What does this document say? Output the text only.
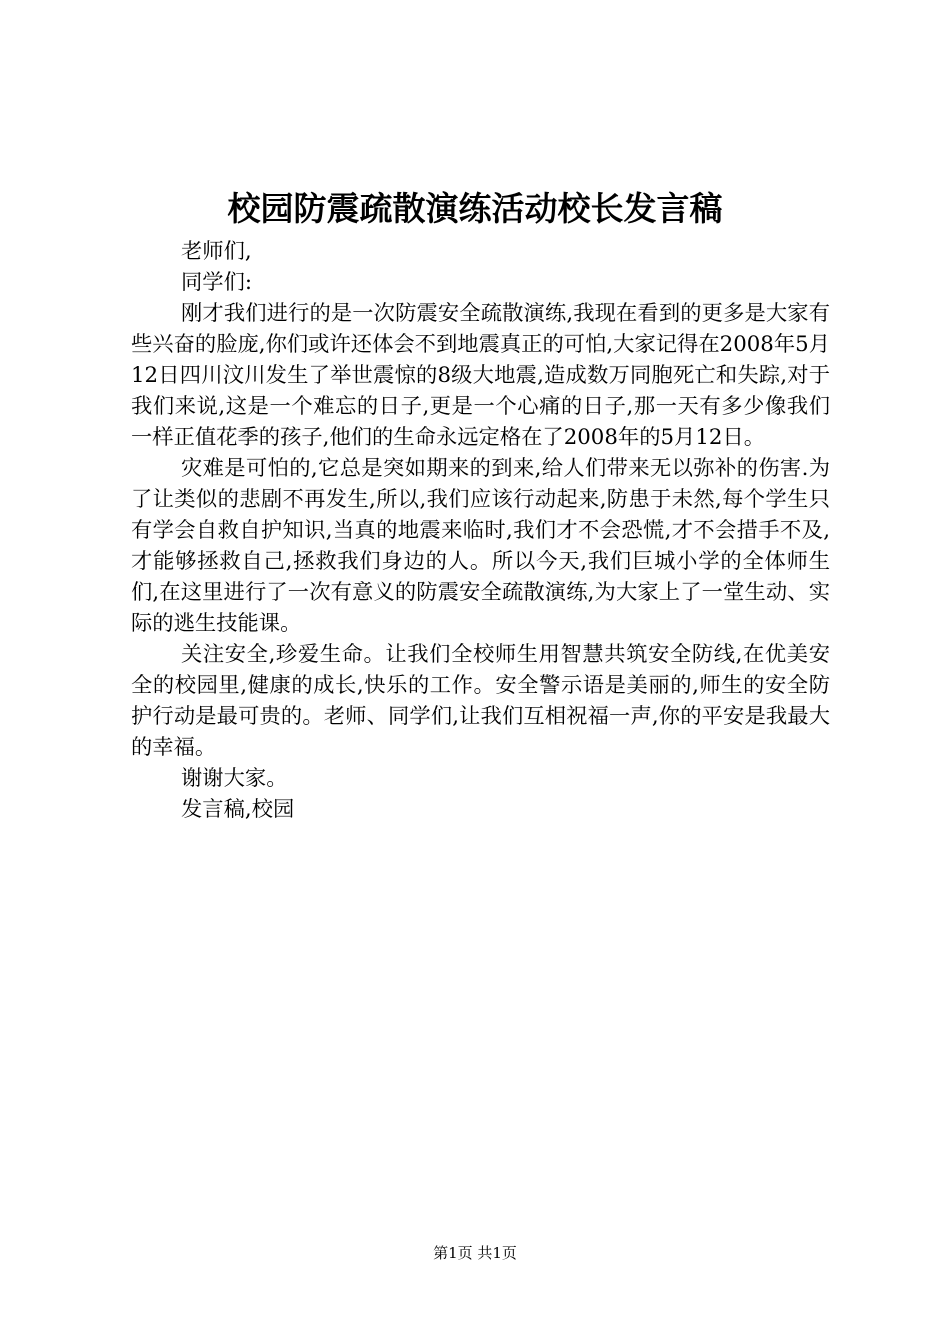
校园防震疏散演练活动校长发言稿

老师们,

同学们:

刚才我们进行的是一次防震安全疏散演练,我现在看到的更多是大家有些兴奋的脸庞,你们或许还体会不到地震真正的可怕,大家记得在2008年5月12日四川汶川发生了举世震惊的8级大地震,造成数万同胞死亡和失踪,对于我们来说,这是一个难忘的日子,更是一个心痛的日子,那一天有多少像我们一样正值花季的孩子,他们的生命永远定格在了2008年的5月12日。

灾难是可怕的,它总是突如期来的到来,给人们带来无以弥补的伤害.为了让类似的悲剧不再发生,所以,我们应该行动起来,防患于未然,每个学生只有学会自救自护知识,当真的地震来临时,我们才不会恐慌,才不会措手不及,才能够拯救自己,拯救我们身边的人。所以今天,我们巨城小学的全体师生们,在这里进行了一次有意义的防震安全疏散演练,为大家上了一堂生动、实际的逃生技能课。

关注安全,珍爱生命。让我们全校师生用智慧共筑安全防线,在优美安全的校园里,健康的成长,快乐的工作。安全警示语是美丽的,师生的安全防护行动是最可贵的。老师、同学们,让我们互相祝福一声,你的平安是我最大的幸福。

谢谢大家。

发言稿,校园

第1页 共1页
